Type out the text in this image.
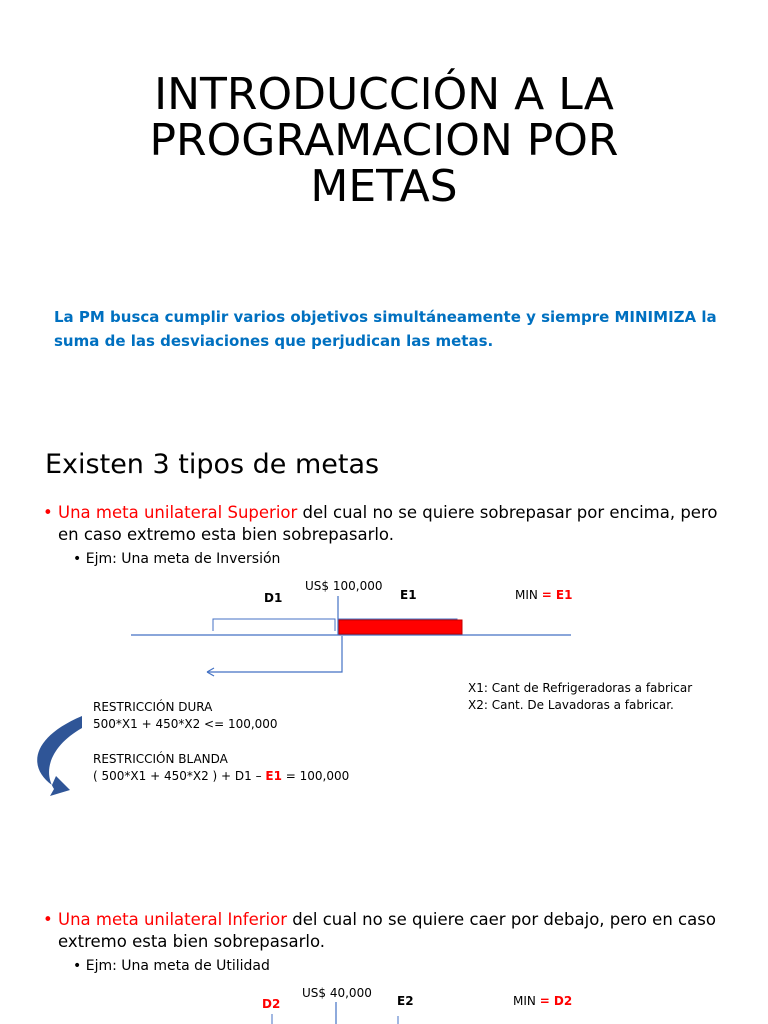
INTRODUCCIÓN A LA
PROGRAMACION POR
METAS
La PM busca cumplir varios objetivos simultáneamente y siempre MINIMIZA la
suma de las desviaciones que perjudican las metas.
Existen 3 tipos de metas
• Una meta unilateral Superior del cual no se quiere sobrepasar por encima, pero
en caso extremo esta bien sobrepasarlo.
• Ejm: Una meta de Inversión
US$ 100,000
D1	E1	MIN = E1
X1: Cant de Refrigeradoras a fabricar
X2: Cant. De Lavadoras a fabricar.
RESTRICCIÓN DURA
500*X1 + 450*X2 <= 100,000
RESTRICCIÓN BLANDA
( 500*X1 + 450*X2 ) + D1 – E1 = 100,000
• Una meta unilateral Inferior del cual no se quiere caer por debajo, pero en caso
extremo esta bien sobrepasarlo.
• Ejm: Una meta de Utilidad
US$ 40,000
D2	E2	MIN = D2
